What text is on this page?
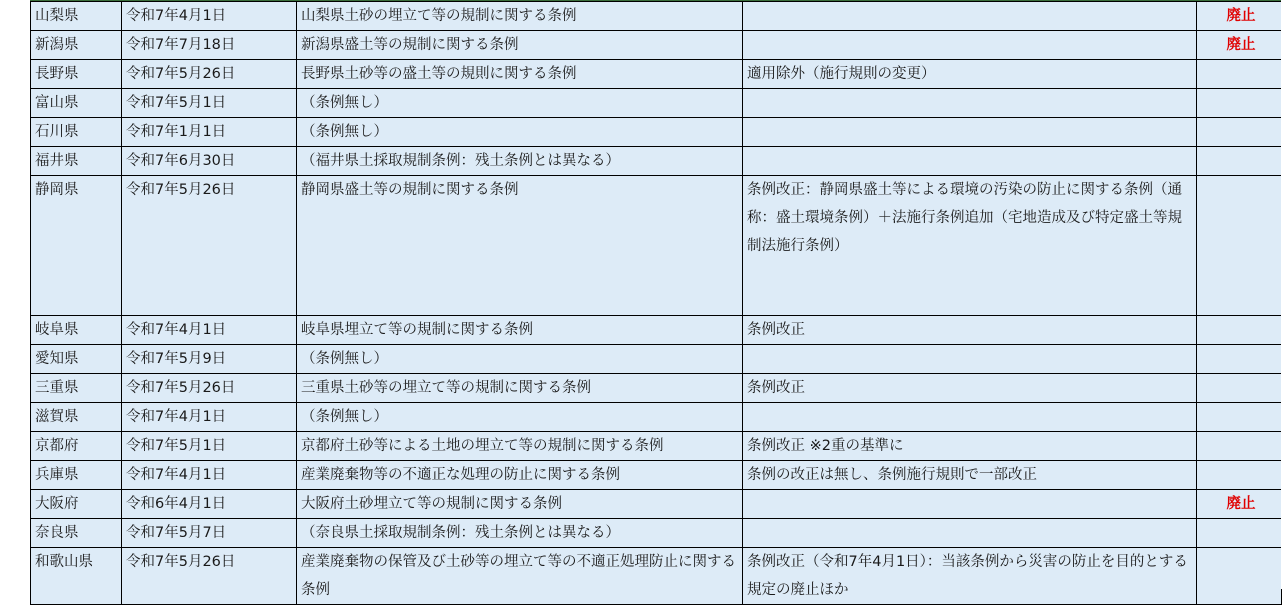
山梨県	令和7年4月1日	山梨県土砂の埋立て等の規制に関する条例		廃止
新潟県	令和7年7月18日	新潟県盛土等の規制に関する条例		廃止
長野県	令和7年5月26日	長野県土砂等の盛土等の規則に関する条例	適用除外（施行規則の変更）	
富山県	令和7年5月1日	（条例無し）		
石川県	令和7年1月1日	（条例無し）		
福井県	令和7年6月30日	（福井県土採取規制条例：残土条例とは異なる）		
静岡県	令和7年5月26日	静岡県盛土等の規制に関する条例	条例改正：静岡県盛土等による環境の汚染の防止に関する条例（通称：盛土環境条例）＋法施行条例追加（宅地造成及び特定盛土等規制法施行条例）	
岐阜県	令和7年4月1日	岐阜県埋立て等の規制に関する条例	条例改正	
愛知県	令和7年5月9日	（条例無し）		
三重県	令和7年5月26日	三重県土砂等の埋立て等の規制に関する条例	条例改正	
滋賀県	令和7年4月1日	（条例無し）		
京都府	令和7年5月1日	京都府土砂等による土地の埋立て等の規制に関する条例	条例改正 ※2重の基準に	
兵庫県	令和7年4月1日	産業廃棄物等の不適正な処理の防止に関する条例	条例の改正は無し、条例施行規則で一部改正	
大阪府	令和6年4月1日	大阪府土砂埋立て等の規制に関する条例		廃止
奈良県	令和7年5月7日	（奈良県土採取規制条例：残土条例とは異なる）		
和歌山県	令和7年5月26日	産業廃棄物の保管及び土砂等の埋立て等の不適正処理防止に関する条例	条例改正（令和7年4月1日）：当該条例から災害の防止を目的とする規定の廃止ほか	
